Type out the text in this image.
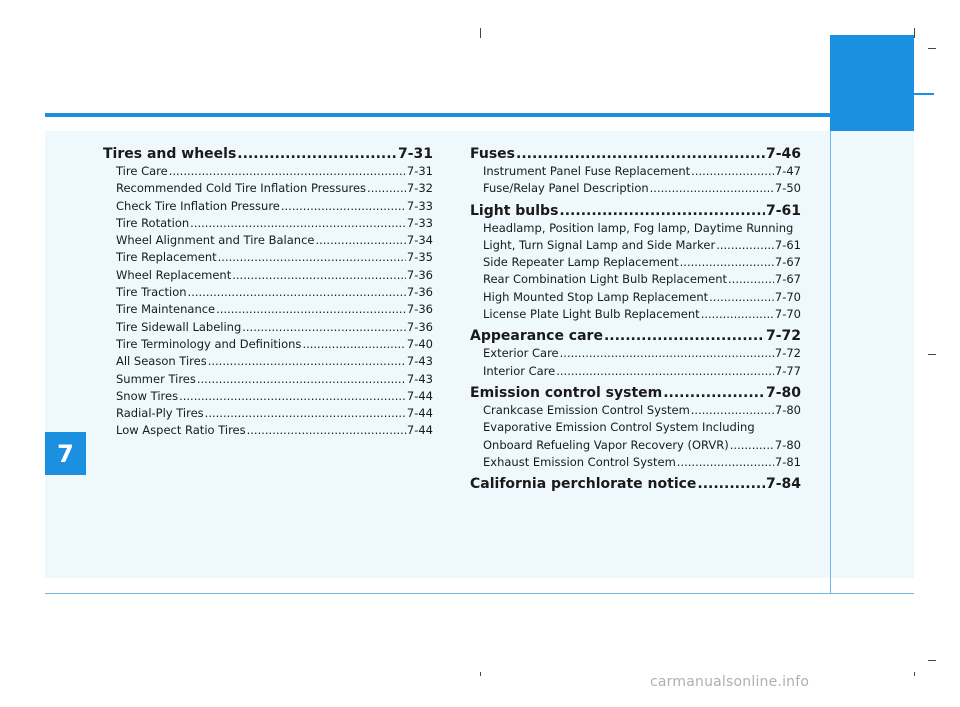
7
Tires and wheels .....	7-31
Tire Care .....	7-31
Recommended Cold Tire Inflation Pressures .....	7-32
Check Tire Inflation Pressure .....	7-33
Tire Rotation .....	7-33
Wheel Alignment and Tire Balance .....	7-34
Tire Replacement .....	7-35
Wheel Replacement .....	7-36
Tire Traction .....	7-36
Tire Maintenance .....	7-36
Tire Sidewall Labeling .....	7-36
Tire Terminology and Definitions .....	7-40
All Season Tires .....	7-43
Summer Tires .....	7-43
Snow Tires .....	7-44
Radial-Ply Tires .....	7-44
Low Aspect Ratio Tires .....	7-44
Fuses .....	7-46
Instrument Panel Fuse Replacement .....	7-47
Fuse/Relay Panel Description .....	7-50
Light bulbs .....	7-61
Headlamp, Position lamp, Fog lamp, Daytime Running
Light, Turn Signal Lamp and Side Marker .....	7-61
Side Repeater Lamp Replacement .....	7-67
Rear Combination Light Bulb Replacement .....	7-67
High Mounted Stop Lamp Replacement .....	7-70
License Plate Light Bulb Replacement .....	7-70
Appearance care .....	7-72
Exterior Care .....	7-72
Interior Care .....	7-77
Emission control system .....	7-80
Crankcase Emission Control System .....	7-80
Evaporative Emission Control System Including
Onboard Refueling Vapor Recovery (ORVR) .....	7-80
Exhaust Emission Control System .....	7-81
California perchlorate notice .....	7-84
carmanualsonline.info
